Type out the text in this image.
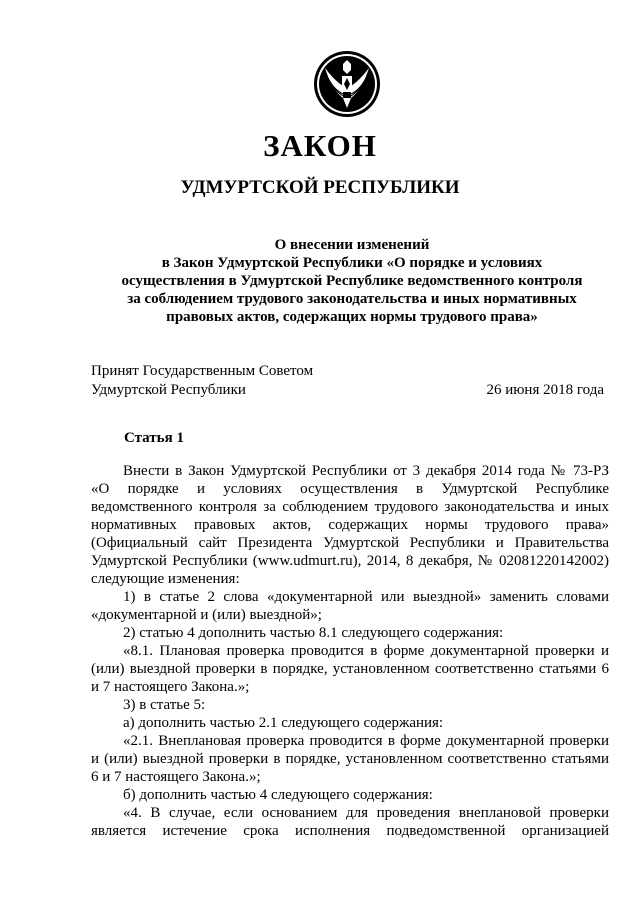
ЗАКОН
УДМУРТСКОЙ РЕСПУБЛИКИ
О внесении изменений
в Закон Удмуртской Республики «О порядке и условиях
осуществления в Удмуртской Республике ведомственного контроля
за соблюдением трудового законодательства и иных нормативных
правовых актов, содержащих нормы трудового права»
Принят Государственным Советом
Удмуртской Республики	26 июня 2018 года
Статья 1
Внести в Закон Удмуртской Республики от 3 декабря 2014 года № 73-РЗ
«О порядке и условиях осуществления в Удмуртской Республике
ведомственного контроля за соблюдением трудового законодательства и иных
нормативных правовых актов, содержащих нормы трудового права»
(Официальный сайт Президента Удмуртской Республики и Правительства
Удмуртской Республики (www.udmurt.ru), 2014, 8 декабря, № 02081220142002)
следующие изменения:
1) в статье 2 слова «документарной или выездной» заменить словами
«документарной и (или) выездной»;
2) статью 4 дополнить частью 8.1 следующего содержания:
«8.1. Плановая проверка проводится в форме документарной проверки и
(или) выездной проверки в порядке, установленном соответственно статьями 6
и 7 настоящего Закона.»;
3) в статье 5:
а) дополнить частью 2.1 следующего содержания:
«2.1. Внеплановая проверка проводится в форме документарной проверки
и (или) выездной проверки в порядке, установленном соответственно статьями
6 и 7 настоящего Закона.»;
б) дополнить частью 4 следующего содержания:
«4. В случае, если основанием для проведения внеплановой проверки
является истечение срока исполнения подведомственной организацией
